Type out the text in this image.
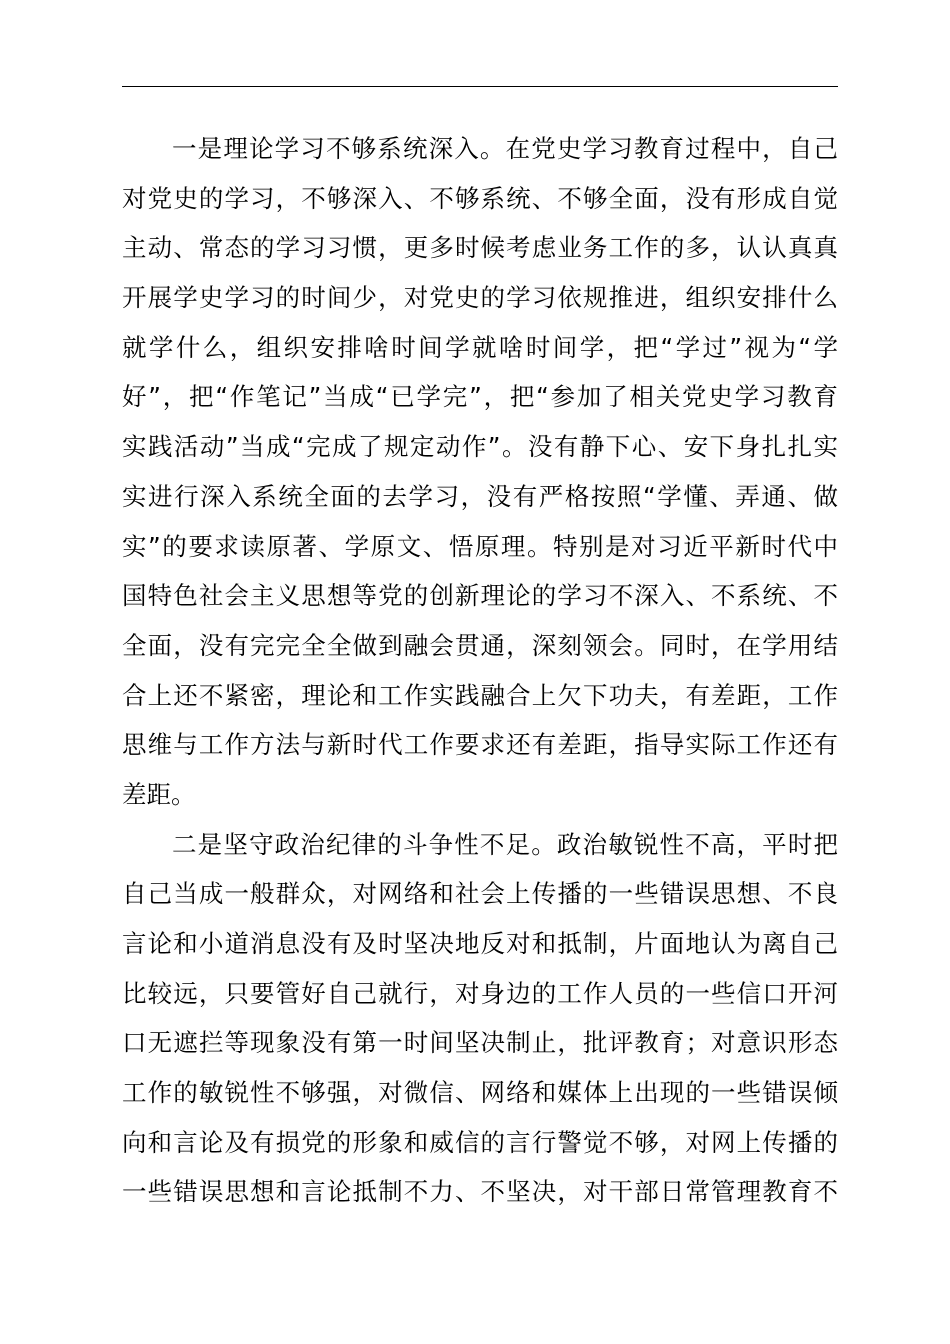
一是理论学习不够系统深入。在党史学习教育过程中，自己
对党史的学习，不够深入、不够系统、不够全面，没有形成自觉
主动、常态的学习习惯，更多时候考虑业务工作的多，认认真真
开展学史学习的时间少，对党史的学习依规推进，组织安排什么
就学什么，组织安排啥时间学就啥时间学，把“学过”视为“学
好”，把“作笔记”当成“已学完”，把“参加了相关党史学习教育
实践活动”当成“完成了规定动作”。没有静下心、安下身扎扎实
实进行深入系统全面的去学习，没有严格按照“学懂、弄通、做
实”的要求读原著、学原文、悟原理。特别是对习近平新时代中
国特色社会主义思想等党的创新理论的学习不深入、不系统、不
全面，没有完完全全做到融会贯通，深刻领会。同时，在学用结
合上还不紧密，理论和工作实践融合上欠下功夫，有差距，工作
思维与工作方法与新时代工作要求还有差距，指导实际工作还有
差距。
二是坚守政治纪律的斗争性不足。政治敏锐性不高，平时把
自己当成一般群众，对网络和社会上传播的一些错误思想、不良
言论和小道消息没有及时坚决地反对和抵制，片面地认为离自己
比较远，只要管好自己就行，对身边的工作人员的一些信口开河
口无遮拦等现象没有第一时间坚决制止，批评教育；对意识形态
工作的敏锐性不够强，对微信、网络和媒体上出现的一些错误倾
向和言论及有损党的形象和威信的言行警觉不够，对网上传播的
一些错误思想和言论抵制不力、不坚决，对干部日常管理教育不
